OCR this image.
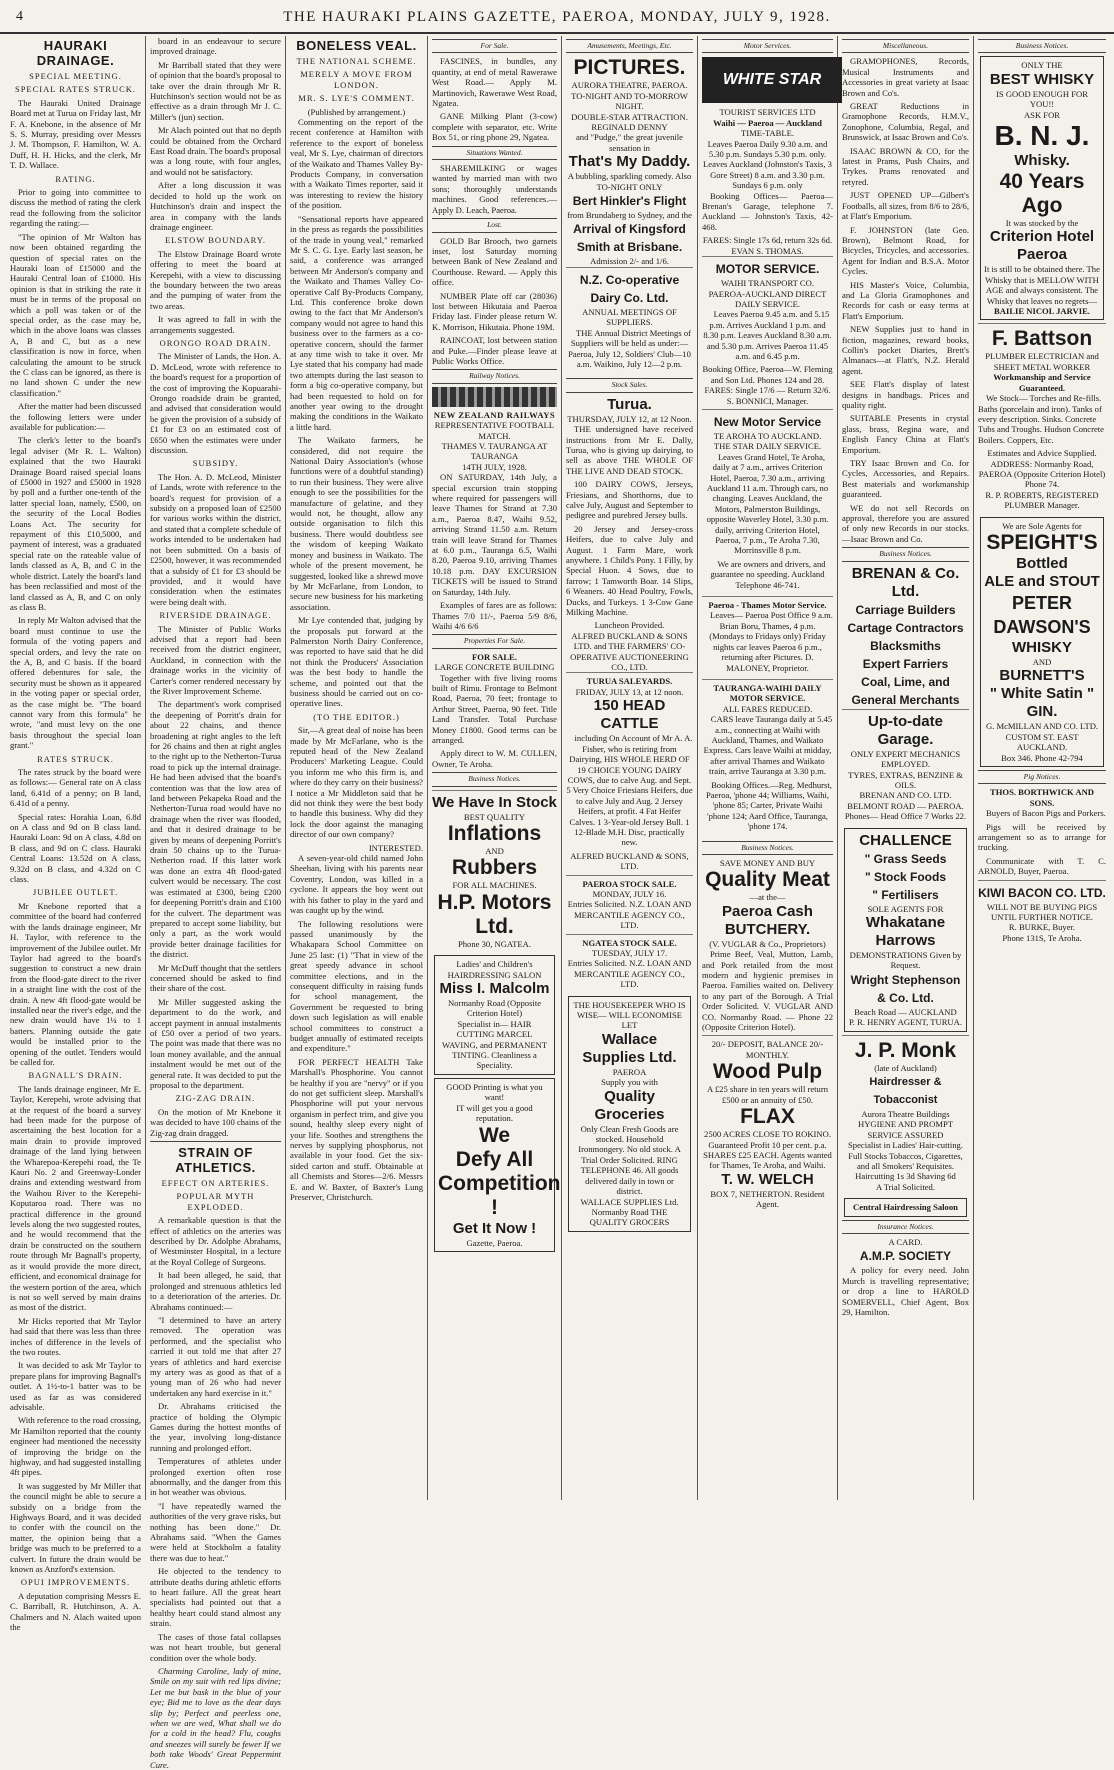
4	THE HAURAKI PLAINS GAZETTE, PAEROA, MONDAY, JULY 9, 1928.
HAURAKI DRAINAGE.
SPECIAL MEETING.
SPECIAL RATES STRUCK.

The Hauraki United Drainage Board met at Turua on Friday last, Mr F. A. Knebone, in the absence of Mr S. S. Murray, presiding over Messrs J. M. Thompson, F. Hamilton, W. A. Duff, H. H. Hicks, and the clerk, Mr T. D. Wallace.

RATING.

Prior to going into committee to discuss the method of rating the clerk read the following from the solicitor regarding the rating:—

"The opinion of Mr Walton has now been obtained regarding the question of special rates on the Hauraki loan of £15000 and the Hauraki Central loan of £1000. His opinion is that in striking the rate it must be in terms of the proposal on which a poll was taken or of the special order, as the case may be, which in the above loans was classes A, B and C, but as a new classification is now in force, when calculating the amount to be struck the C class can be ignored, as there is no land shown C under the new classification."

After the matter had been discussed the following letters were under available for publication:—

The clerk's letter to the board's legal adviser (Mr R. L. Walton) explained that the two Hauraki Drainage Board raised special loans of £5000 in 1927 and £5000 in 1928 by poll and a further one-tenth of the latter special loan, namely, £500, on the security of the Local Bodies Loans Act. The security for repayment of this £10,5000, and payment of interest, was a graduated special rate on the rateable value of lands classed as A, B, and C in the whole district. Lately the board's land has been reclassified and most of the land classed as A, B, and C on only as class B.

In reply Mr Walton advised that the board must continue to use the formula of the voting papers and special orders, and levy the rate on the A, B, and C basis. If the board offered debentures for sale, the security must be shown as it appeared in the voting paper or special order, as the case might be. "The board cannot vary from this formula" he wrote, "and must levy on the one basis throughout the special loan grant."

RATES STRUCK.

The rates struck by the board were as follows:— General rate on A class land, 6.41d of a penny; on B land, 6.41d of a penny.

Special rates: Horahia Loan, 6.8d on A class and 9d on B class land. Hauraki Loan: 9d on A class, 4.8d on B class, and 9d on C class. Hauraki Central Loans: 13.52d on A class, 9.32d on B class, and 4.32d on C class.

JUBILEE OUTLET.

Mr Knebone reported that a committee of the board had conferred with the lands drainage engineer, Mr H. Taylor, with reference to the improvement of the Jubilee outlet. Mr Taylor had agreed to the board's suggestion to construct a new drain from the flood-gate direct to the river in a straight line with the cost of the drain. A new 4ft flood-gate would be installed near the river's edge, and the new drain would have 1¼ to 1 batters. Planning outside the gate would be installed prior to the opening of the outlet. Tenders would be called for.

BAGNALL'S DRAIN.

The lands drainage engineer, Mr E. Taylor, Kerepehi, wrote advising that at the request of the board a survey had been made for the purpose of ascertaining the best location for a main drain to provide improved drainage of the land lying between the Wharepoa-Kerepehi road, the Te Kauri No. 2 and Greenway-Londer drains and extending westward from the Waihou River to the Kerepehi-Koputaroa road. There was no practical difference in the ground levels along the two suggested routes, and he would recommend that the drain be constructed on the southern route through Mr Bagnall's property, as it would provide the more direct, efficient, and economical drainage for the western portion of the area, which is not so well served by main drains as most of the district.

Mr Hicks reported that Mr Taylor had said that there was less than three inches of difference in the levels of the two routes.

It was decided to ask Mr Taylor to prepare plans for improving Bagnall's outlet. A 1½-to-1 batter was to be used as far as was considered advisable.

With reference to the road crossing, Mr Hamilton reported that the county engineer had mentioned the necessity of improving the bridge on the highway, and had suggested installing 4ft pipes.

It was suggested by Mr Miller that the council might be able to secure a subsidy on a bridge from the Highways Board, and it was decided to confer with the council on the matter, the opinion being that a bridge was much to be preferred to a culvert. In future the drain would be known as Anzford's extension.

OPUI IMPROVEMENTS.

A deputation comprising Messrs E. C. Barriball, R. Hutchinson, A. A. Chalmers and N. Alach waited upon the

board in an endeavour to secure improved drainage.

Mr Barriball stated that they were of opinion that the board's proposal to take over the drain through Mr R. Hutchinson's section would not be as effective as a drain through Mr J. C. Miller's (jun) section.

Mr Alach pointed out that no depth could be obtained from the Orchard East Road drain. The board's proposal was a long route, with four angles, and would not be satisfactory.

After a long discussion it was decided to hold up the work on Hutchinson's drain and inspect the area in company with the lands drainage engineer.

ELSTOW BOUNDARY.

The Elstow Drainage Board wrote offering to meet the board at Kerepehi, with a view to discussing the boundary between the two areas and the pumping of water from the two areas.

It was agreed to fall in with the arrangements suggested.

ORONGO ROAD DRAIN.

The Minister of Lands, the Hon. A. D. McLeod, wrote with reference to the board's request for a proportion of the cost of improving the Kopuarahi-Orongo roadside drain be granted, and advised that consideration would be given the provision of a subsidy of £1 for £3 on an estimated cost of £650 when the estimates were under discussion.

SUBSIDY.

The Hon. A. D. McLeod, Minister of Lands, wrote with reference to the board's request for provision of a subsidy on a proposed loan of £2500 for various works within the district, and stated that a complete schedule of works intended to be undertaken had not been submitted. On a basis of £2500, however, it was recommended that a subsidy of £1 for £3 should be provided, and it would have consideration when the estimates were being dealt with.

RIVERSIDE DRAINAGE.

The Minister of Public Works advised that a report had been received from the district engineer, Auckland, in connection with the drainage works in the vicinity of Carter's corner rendered necessary by the River Improvement Scheme.

The department's work comprised the deepening of Porritt's drain for about 22 chains, and thence broadening at right angles to the left for 26 chains and then at right angles to the right up to the Netherton-Turua road to pick up the internal drainage. He had been advised that the board's contention was that the low area of land between Pekapeka Road and the Netherton-Turua road would have no drainage when the river was flooded, and that it desired drainage to be given by means of deepening Porritt's drain 50 chains up to the Turua-Netherton road. If this latter work was done an extra 4ft flood-gated culvert would be necessary. The cost was estimated at £300, being £200 for deepening Porritt's drain and £100 for the culvert. The department was prepared to accept some liability, but only a part, as the work would provide better drainage facilities for the district.

Mr McDuff thought that the settlers concerned should be asked to find their share of the cost.

Mr Miller suggested asking the department to do the work, and accept payment in annual instalments of £50 over a period of two years. The point was made that there was no loan money available, and the annual instalment would be met out of the general rate. It was decided to put the proposal to the department.

ZIG-ZAG DRAIN.

On the motion of Mr Knebone it was decided to have 100 chains of the Zig-zag drain dragged.

STRAIN OF ATHLETICS.
EFFECT ON ARTERIES.
POPULAR MYTH EXPLODED.

A remarkable question is that the effect of athletics on the arteries was described by Dr. Adolphe Abrahams, of Westminster Hospital, in a lecture at the Royal College of Surgeons.

It had been alleged, he said, that prolonged and strenuous athletics led to a deterioration of the arteries. Dr. Abrahams continued:—

"I determined to have an artery removed. The operation was performed, and the specialist who carried it out told me that after 27 years of athletics and hard exercise my artery was as good as that of a young man of 26 who had never undertaken any hard exercise in it."

Dr. Abrahams criticised the practice of holding the Olympic Games during the hottest months of the year, involving long-distance running and prolonged effort.

Temperatures of athletes under prolonged exertion often rose abnormally, and the danger from this in hot weather was obvious.

"I have repeatedly warned the authorities of the very grave risks, but nothing has been done." Dr. Abrahams said. "When the Games were held at Stockholm a fatality there was due to heat."

He objected to the tendency to attribute deaths during athletic efforts to heart failure. All the great heart specialists had pointed out that a healthy heart could stand almost any strain.

The cases of those fatal collapses was not heart trouble, but general condition over the whole body.

Charming Caroline, lady of mine, Smile on my suit with red lips divine; Let me but bask in the blue of your eye; Bid me to love as the dear days slip by; Perfect and peerless one, when we are wed, What shall we do for a cold in the head? Flu, coughs and sneezes will surely be fewer If we both take Woods' Great Peppermint Cure.

BONELESS VEAL.
THE NATIONAL SCHEME.
MERELY A MOVE FROM LONDON.
MR. S. LYE'S COMMENT.
(Published by arrangement.)

Commenting on the report of the recent conference at Hamilton with reference to the export of boneless veal, Mr S. Lye, chairman of directors of the Waikato and Thames Valley By-Products Company, in conversation with a Waikato Times reporter, said it was interesting to review the history of the position.

"Sensational reports have appeared in the press as regards the possibilities of the trade in young veal," remarked Mr S. C. G. Lye. Early last season, he said, a conference was arranged between Mr Anderson's company and the Waikato and Thames Valley Co-operative Calf By-Products Company, Ltd. This conference broke down owing to the fact that Mr Anderson's company would not agree to hand this business over to the farmers as a co-operative concern, should the farmer at any time wish to take it over. Mr Lye stated that his company had made two attempts during the last season to form a big co-operative company, but had been requested to hold on for another year owing to the drought making the conditions in the Waikato a little hard.

The Waikato farmers, he considered, did not require the National Dairy Association's (whose functions were of a doubtful standing) to run their business. They were alive enough to see the possibilities for the manufacture of gelatine, and they would not, he thought, allow any outside organisation to filch this business. There would doubtless see the wisdom of keeping Waikato money and business in Waikato. The whole of the present movement, he suggested, looked like a shrewd move by Mr McFarlane, from London, to secure new business for his marketing association.

Mr Lye contended that, judging by the proposals put forward at the Palmerston North Dairy Conference, was reported to have said that he did not think the Producers' Association was the best body to handle the scheme, and pointed out that the business should be carried out on co-operative lines.

(TO THE EDITOR.)

Sir,—A great deal of noise has been made by Mr McFarlane, who is the reputed head of the New Zealand Producers' Marketing League. Could you inform me who this firm is, and where do they carry on their business? I notice a Mr Middleton said that he did not think they were the best body to handle this business. Why did they lock the door against the managing director of our own company?

INTERESTED.

A seven-year-old child named John Sheehan, living with his parents near Coventry, London, was killed in a cyclone. It appears the boy went out with his father to play in the yard and was caught up by the wind.

The following resolutions were passed unanimously by the Whakapara School Committee on June 25 last: (1) "That in view of the great speedy advance in school committee elections, and in the consequent difficulty in raising funds for school management, the Government be requested to bring down such legislation as will enable school committees to construct a budget annually of estimated receipts and expenditure."

FOR PERFECT HEALTH Take Marshall's Phosphorine. You cannot be healthy if you are "nervy" or if you do not get sufficient sleep. Marshall's Phosphorine will put your nervous organism in perfect trim, and give you sound, healthy sleep every night of your life. Soothes and strengthens the nerves by supplying phosphorus, not available in your food. Get the six-sided carton and stuff. Obtainable at all Chemists and Stores—2/6. Messrs E. and W. Baxter, of Baxter's Lung Preserver, Christchurch.

For Sale.

FASCINES, in bundles, any quantity, at end of metal Rawerawe West Road.— Apply M. Martinovich, Rawerawe West Road, Ngatea.

GANE Milking Plant (3-cow) complete with separator, etc. Write Box 51, or ring phone 29, Ngatea.

Situations Wanted.

SHAREMILKING or wages wanted by married man with two sons; thoroughly understands machines. Good references.—Apply D. Leach, Paeroa.

Lost.

GOLD Bar Brooch, two garnets inset, lost Saturday morning between Bank of New Zealand and Courthouse. Reward. — Apply this office.

NUMBER Plate off car (28036) lost between Hikutaia and Paeroa Friday last. Finder please return W. K. Morrison, Hikutaia. Phone 19M.

RAINCOAT, lost between station and Puke.—Finder please leave at Public Works Office.

Railway Notices.
NEW ZEALAND RAILWAYS
REPRESENTATIVE FOOTBALL MATCH.
THAMES V. TAURANGA AT TAURANGA
14TH JULY, 1928.

ON SATURDAY, 14th July, a special excursion train stopping where required for passengers will leave Thames for Strand at 7.30 a.m., Paeroa 8.47, Waihi 9.52, arriving Strand 11.50 a.m. Return train will leave Strand for Thames at 6.0 p.m., Tauranga 6.5, Waihi 8.20, Paeroa 9.10, arriving Thames 10.18 p.m. DAY EXCURSION TICKETS will be issued to Strand on Saturday, 14th July.

Examples of fares are as follows: Thames 7/0 11/-, Paeroa 5/9 8/6, Waihi 4/6 6/6

Properties For Sale.
FOR SALE.
LARGE CONCRETE BUILDING

Together with five living rooms built of Rimu. Frontage to Belmont Road, Paeroa, 70 feet; frontage to Arthur Street, Paeroa, 90 feet. Title Land Transfer. Total Purchase Money £1800. Good terms can be arranged.

Apply direct to W. M. CULLEN, Owner, Te Aroha.

Business Notices.
We Have In Stock
BEST QUALITY
Inflations
AND
Rubbers
FOR ALL MACHINES.
H.P. Motors Ltd.
Phone 30, NGATEA.
Ladies' and Children's HAIRDRESSING SALON
Miss I. Malcolm
Normanby Road (Opposite Criterion Hotel)
Specialist in— HAIR CUTTING MARCEL WAVING, and PERMANENT TINTING. Cleanliness a Speciality.
GOOD Printing is what you want!
IT will get you a good reputation.
We
Defy All
Competition !
Get It Now !
Gazette, Paeroa.
Amusements, Meetings, Etc.
PICTURES.
AURORA THEATRE, PAEROA.
TO-NIGHT AND TO-MORROW NIGHT.
DOUBLE-STAR ATTRACTION.
REGINALD DENNY
and "Pudge," the great juvenile sensation in
That's My Daddy.
A bubbling, sparkling comedy. Also TO-NIGHT ONLY
Bert Hinkler's Flight
from Brundaberg to Sydney, and the
Arrival of Kingsford Smith at Brisbane.
Admission 2/- and 1/6.
N.Z. Co-operative Dairy Co. Ltd.
ANNUAL MEETINGS OF SUPPLIERS.

THE Annual District Meetings of Suppliers will be held as under:— Paeroa, July 12, Soldiers' Club—10 a.m. Waikino, July 12—2 p.m.

Stock Sales.
Turua.
THURSDAY, JULY 12, at 12 Noon.

THE undersigned have received instructions from Mr E. Dally, Turua, who is giving up dairying, to sell as above THE WHOLE OF THE LIVE AND DEAD STOCK.

100 DAIRY COWS, Jerseys, Friesians, and Shorthorns, due to calve July, August and September to pedigree and purebred Jersey bulls.

20 Jersey and Jersey-cross Heifers, due to calve July and August. 1 Farm Mare, work anywhere. 1 Child's Pony. 1 Filly, by Special Huon. 4 Sows, due to farrow; 1 Tamworth Boar. 14 Slips, 6 Weaners. 40 Head Poultry, Fowls, Ducks, and Turkeys. 1 3-Cow Gane Milking Machine.

Luncheon Provided.
ALFRED BUCKLAND & SONS LTD. and THE FARMERS' CO-OPERATIVE AUCTIONEERING CO., LTD.
TURUA SALEYARDS.
FRIDAY, JULY 13, at 12 noon.
150 HEAD CATTLE

including On Account of Mr A. A. Fisher, who is retiring from Dairying, HIS WHOLE HERD OF 19 CHOICE YOUNG DAIRY COWS, due to calve Aug. and Sept. 5 Very Choice Friesians Heifers, due to calve July and Aug. 2 Jersey Heifers, at profit. 4 Fat Heifer Calves. 1 3-Year-old Jersey Bull. 1 12-Blade M.H. Disc, practically new.

ALFRED BUCKLAND & SONS, LTD.
PAEROA STOCK SALE.
MONDAY, JULY 16.
Entries Solicited. N.Z. LOAN AND MERCANTILE AGENCY CO., LTD.
NGATEA STOCK SALE.
TUESDAY, JULY 17.
Entries Solicited. N.Z. LOAN AND MERCANTILE AGENCY CO., LTD.
THE HOUSEKEEPER WHO IS WISE— WILL ECONOMISE LET
Wallace Supplies Ltd.
PAEROA
Supply you with
Quality Groceries
Only Clean Fresh Goods are stocked. Household Ironmongery. No old stock. A Trial Order Solicited. RING TELEPHONE 46. All goods delivered daily in town or district.
WALLACE SUPPLIES Ltd. Normanby Road THE QUALITY GROCERS
Motor Services.
WHITE STAR
TOURIST SERVICES LTD
Waihi — Paeroa — Auckland
TIME-TABLE.
Leaves Paeroa Daily 9.30 a.m. and 5.30 p.m. Sundays 5.30 p.m. only.
Leaves Auckland (Johnston's Taxis, 3 Gore Street) 8 a.m. and 3.30 p.m. Sundays 6 p.m. only

Booking Offices— Paeroa—Brenan's Garage, telephone 7. Auckland — Johnston's Taxis, 42-468.

FARES: Single 17s 6d, return 32s 6d.
EVAN S. THOMAS.
MOTOR SERVICE.
WAIHI TRANSPORT CO.
PAEROA-AUCKLAND DIRECT DAILY SERVICE.

Leaves Paeroa 9.45 a.m. and 5.15 p.m. Arrives Auckland 1 p.m. and 8.30 p.m. Leaves Auckland 8.30 a.m. and 5.30 p.m. Arrives Paeroa 11.45 a.m. and 6.45 p.m.

Booking Office, Paeroa—W. Fleming and Son Ltd. Phones 124 and 28.
FARES: Single 17/6 — Return 32/6. S. BONNICI, Manager.
New Motor Service
TE AROHA TO AUCKLAND.
THE STAR DAILY SERVICE.

Leaves Grand Hotel, Te Aroha, daily at 7 a.m., arrives Criterion Hotel, Paeroa, 7.30 a.m., arriving Auckland 11 a.m. Through cars, no changing. Leaves Auckland, the Motors, Palmerston Buildings, opposite Waverley Hotel, 3.30 p.m. daily, arriving Criterion Hotel, Paeroa, 7 p.m., Te Aroha 7.30, Morrinsville 8 p.m.

We are owners and drivers, and guarantee no speeding. Auckland Telephone 46-741.

Paeroa - Thames Motor Service.

Leaves— Paeroa Post Office 9 a.m. Brian Boru, Thames, 4 p.m. (Mondays to Fridays only) Friday nights car leaves Paeroa 6 p.m., returning after Pictures. D. MALONEY, Proprietor.

TAURANGA-WAIHI DAILY MOTOR SERVICE.
ALL FARES REDUCED.

CARS leave Tauranga daily at 5.45 a.m., connecting at Waihi with Auckland, Thames, and Waikato Express. Cars leave Waihi at midday, after arrival Thames and Waikato train, arrive Tauranga at 3.30 p.m.

Booking Offices.—Reg. Medhurst, Paeroa, 'phone 44; Williams, Waihi, 'phone 85; Carter, Private Waihi 'phone 124; Aard Office, Tauranga, 'phone 174.

Business Notices.
SAVE MONEY AND BUY
Quality Meat
—at the—
Paeroa Cash BUTCHERY.
(V. VUGLAR & Co., Proprietors)

Prime Beef, Veal, Mutton, Lamb, and Pork retailed from the most modern and hygienic premises in Paeroa. Families waited on. Delivery to any part of the Borough. A Trial Order Solicited. V. VUGLAR AND CO. Normanby Road. — Phone 22 (Opposite Criterion Hotel).

20/- DEPOSIT, BALANCE 20/- MONTHLY.
Wood Pulp
A £25 share in ten years will return £500 or an annuity of £50.
FLAX
2500 ACRES CLOSE TO ROKINO.
Guaranteed Profit 10 per cent. p.a. SHARES £25 EACH. Agents wanted for Thames, Te Aroha, and Waihi.
T. W. WELCH
BOX 7, NETHERTON. Resident Agent.
Miscellaneous.

GRAMOPHONES, Records, Musical Instruments and Accessories in great variety at Isaac Brown and Co's.

GREAT Reductions in Gramophone Records, H.M.V., Zonophone, Columbia, Regal, and Brunswick, at Isaac Brown and Co's.

ISAAC BROWN & CO, for the latest in Prams, Push Chairs, and Trykes. Prams renovated and retyred.

JUST OPENED UP—Gilbert's Footballs, all sizes, from 8/6 to 28/6, at Flatt's Emporium.

F. JOHNSTON (late Geo. Brown), Belmont Road, for Bicycles, Tricycles, and accessories. Agent for Indian and B.S.A. Motor Cycles.

HIS Master's Voice, Columbia, and La Gloria Gramophones and Records for cash or easy terms at Flatt's Emporium.

NEW Supplies just to hand in fiction, magazines, reward books, Collin's pocket Diaries, Brett's Almanacs—at Flatt's, N.Z. Herald agent.

SEE Flatt's display of latest designs in handbags. Prices and quality right.

SUITABLE Presents in crystal glass, brass, Regina ware, and English Fancy China at Flatt's Emporium.

TRY Isaac Brown and Co. for Cycles, Accessories, and Repairs. Best materials and workmanship guaranteed.

WE do not sell Records on approval, therefore you are assured of only new Records in our stocks.—Isaac Brown and Co.

Business Notices.
BRENAN & Co. Ltd.
Carriage Builders
Cartage Contractors
Blacksmiths
Expert Farriers
Coal, Lime, and
General Merchants
Up-to-date Garage.
ONLY EXPERT MECHANICS EMPLOYED.
TYRES, EXTRAS, BENZINE & OILS.
BRENAN AND CO. LTD.
BELMONT ROAD — PAEROA.
Phones— Head Office 7 Works 22.
CHALLENCE
" Grass Seeds
" Stock Foods
" Fertilisers
SOLE AGENTS FOR
Whakatane Harrows
DEMONSTRATIONS Given by Request.
Wright Stephenson & Co. Ltd.
Beach Road — AUCKLAND
P. R. HENRY AGENT, TURUA.
J. P. Monk
(late of Auckland)
Hairdresser & Tobacconist
Aurora Theatre Buildings
HYGIENE AND PROMPT SERVICE ASSURED
Specialist in Ladies' Hair-cutting. Full Stocks Tobaccos, Cigarettes, and all Smokers' Requisites.
Haircutting 1s 3d Shaving 6d
A Trial Solicited.
Central Hairdressing Saloon
Insurance Notices.
A CARD.
A.M.P. SOCIETY

A policy for every need. John Murch is travelling representative; or drop a line to HAROLD SOMERVELL, Chief Agent, Box 29, Hamilton.

Business Notices.
ONLY THE
BEST WHISKY
IS GOOD ENOUGH FOR YOU!!
ASK FOR
B. N. J.
Whisky.
40 Years Ago
It was stocked by the
Criterion Hotel
Paeroa
It is still to be obtained there. The Whisky that is MELLOW WITH AGE and always consistent. The Whisky that leaves no regrets—
BAILIE NICOL JARVIE.
F. Battson
PLUMBER ELECTRICIAN and SHEET METAL WORKER
Workmanship and Service Guaranteed.

We Stock— Torches and Re-fills. Baths (porcelain and iron). Tanks of every description. Sinks. Concrete Tubs and Troughs. Hudson Concrete Boilers. Coppers, Etc.

Estimates and Advice Supplied.
ADDRESS: Normanby Road, PAEROA (Opposite Criterion Hotel) Phone 74.
R. P. ROBERTS, REGISTERED PLUMBER Manager.
We are Sole Agents for
SPEIGHT'S
Bottled
ALE and STOUT
PETER DAWSON'S
WHISKY
AND
BURNETT'S
" White Satin "
GIN.
G. McMILLAN AND CO. LTD.
CUSTOM ST. EAST AUCKLAND.
Box 346. Phone 42-794
Pig Notices.
THOS. BORTHWICK AND SONS.

Buyers of Bacon Pigs and Porkers.

Pigs will be received by arrangement so as to arrange for trucking.

Communicate with T. C. ARNOLD, Buyer, Paeroa.

KIWI BACON CO. LTD.
WILL NOT BE BUYING PIGS UNTIL FURTHER NOTICE.
R. BURKE, Buyer.
Phone 131S, Te Aroha.
